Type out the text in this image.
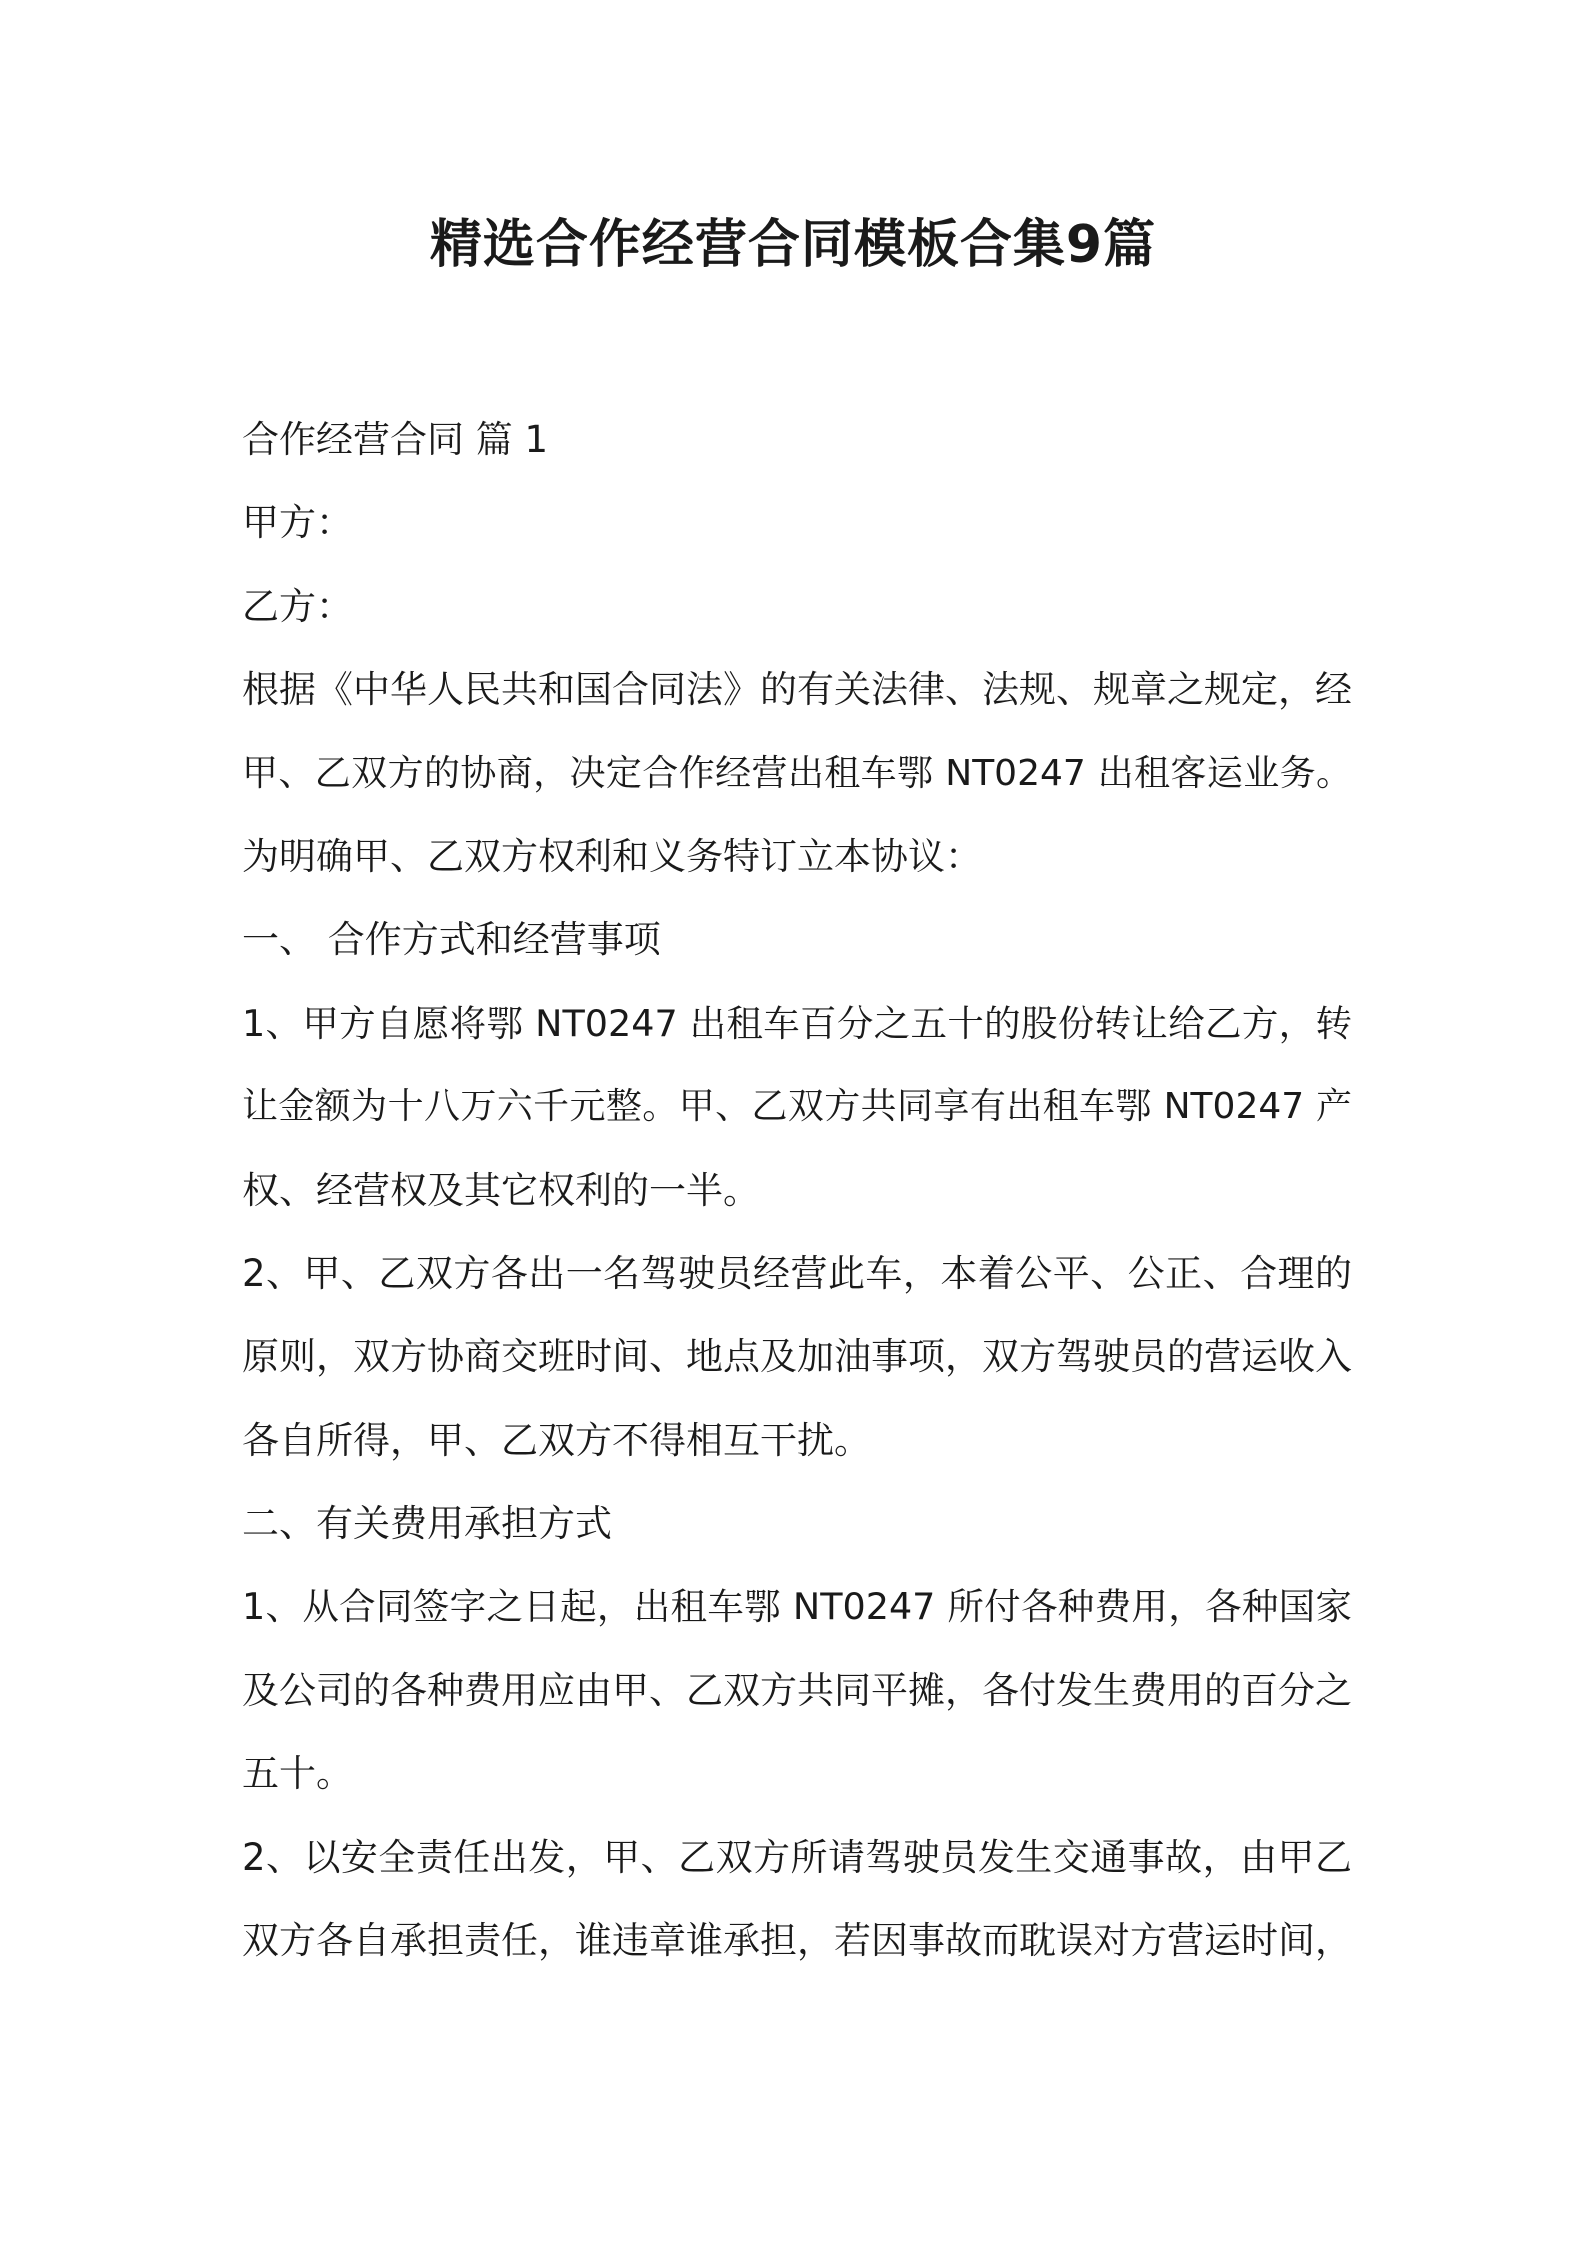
精选合作经营合同模板合集9篇

合作经营合同 篇 1

甲方：

乙方：

根据《中华人民共和国合同法》的有关法律、法规、规章之规定，经

甲、乙双方的协商，决定合作经营出租车鄂 NT0247 出租客运业务。

为明确甲、乙双方权利和义务特订立本协议：

一、 合作方式和经营事项

1、甲方自愿将鄂 NT0247 出租车百分之五十的股份转让给乙方，转

让金额为十八万六千元整。甲、乙双方共同享有出租车鄂 NT0247 产

权、经营权及其它权利的一半。

2、甲、乙双方各出一名驾驶员经营此车，本着公平、公正、合理的

原则，双方协商交班时间、地点及加油事项，双方驾驶员的营运收入

各自所得，甲、乙双方不得相互干扰。

二、有关费用承担方式

1、从合同签字之日起，出租车鄂 NT0247 所付各种费用，各种国家

及公司的各种费用应由甲、乙双方共同平摊，各付发生费用的百分之

五十。

2、以安全责任出发，甲、乙双方所请驾驶员发生交通事故，由甲乙

双方各自承担责任，谁违章谁承担，若因事故而耽误对方营运时间，
